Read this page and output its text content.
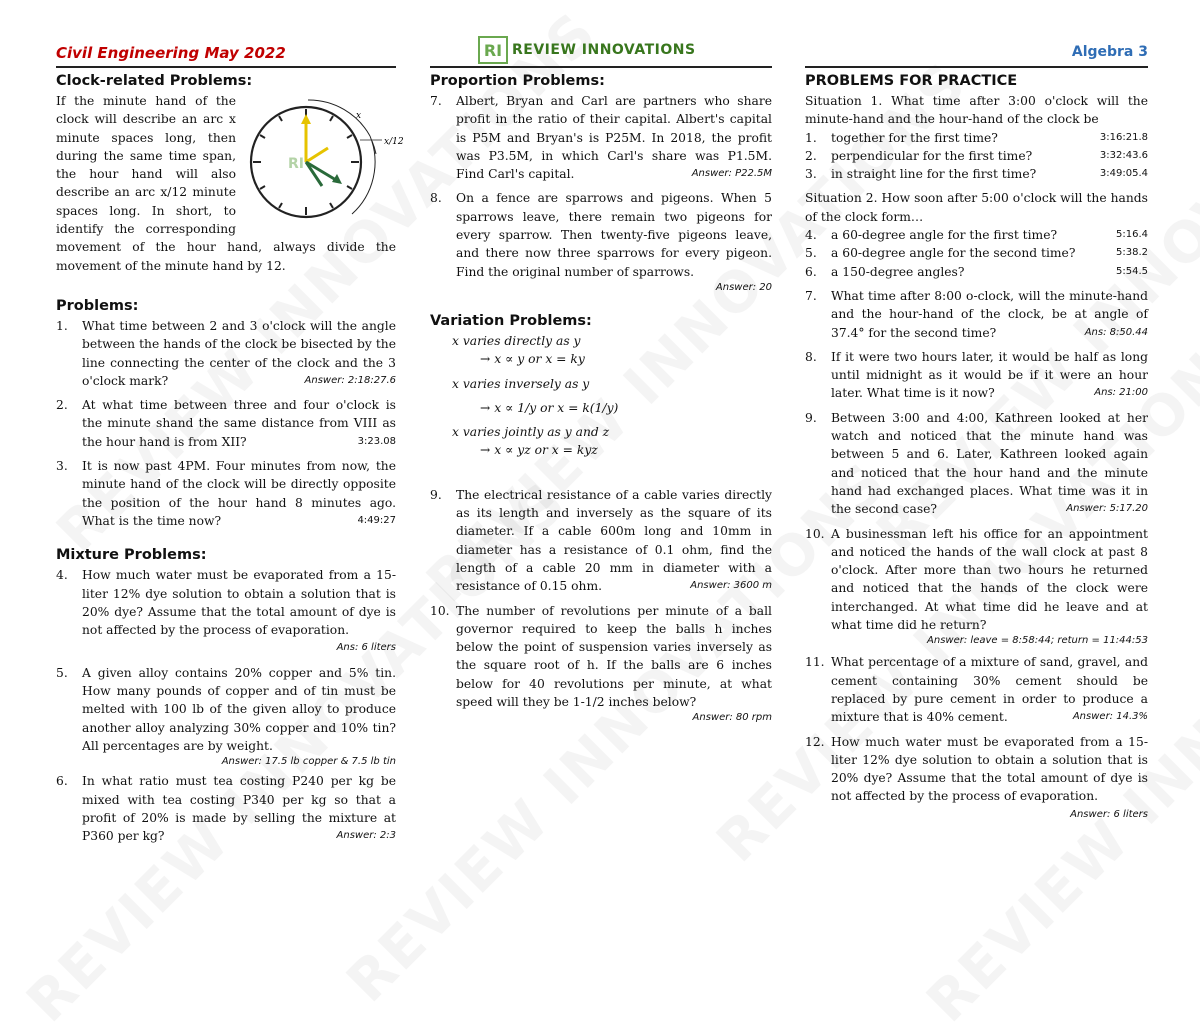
Civil Engineering May 2022	RI REVIEW INNOVATIONS	Algebra 3
Clock-related Problems:
RI
x
x/12

If the minute hand of the clock will describe an arc x minute spaces long, then during the same time span, the hour hand will also describe an arc x/12 minute spaces long. In short, to identify the corresponding movement of the hour hand, always divide the movement of the minute hand by 12.

Problems:
1.	What time between 2 and 3 o'clock will the angle between the hands of the clock be bisected by the line connecting the center of the clock and the 3 o'clock mark?	Answer: 2:18:27.6
2.	At what time between three and four o'clock is the minute shand the same distance from VIII as the hour hand is from XII?	3:23.08
3.	It is now past 4PM. Four minutes from now, the minute hand of the clock will be directly opposite the position of the hour hand 8 minutes ago. What is the time now?	4:49:27
Mixture Problems:
4.	How much water must be evaporated from a 15-liter 12% dye solution to obtain a solution that is 20% dye? Assume that the total amount of dye is not affected by the process of evaporation.
Ans: 6 liters
5.	A given alloy contains 20% copper and 5% tin. How many pounds of copper and of tin must be melted with 100 lb of the given alloy to produce another alloy analyzing 30% copper and 10% tin? All percentages are by weight.
Answer: 17.5 lb copper & 7.5 lb tin
6.	In what ratio must tea costing P240 per kg be mixed with tea costing P340 per kg so that a profit of 20% is made by selling the mixture at P360 per kg?	Answer: 2:3
Proportion Problems:
7.	Albert, Bryan and Carl are partners who share profit in the ratio of their capital. Albert's capital is P5M and Bryan's is P25M. In 2018, the profit was P3.5M, in which Carl's share was P1.5M. Find Carl's capital.	Answer: P22.5M
8.	On a fence are sparrows and pigeons. When 5 sparrows leave, there remain two pigeons for every sparrow. Then twenty-five pigeons leave, and there now three sparrows for every pigeon. Find the original number of sparrows.
Answer: 20
Variation Problems:
x varies directly as y
→ x ∝ y or x = ky
x varies inversely as y
→ x ∝ 1/y or x = k(1/y)
x varies jointly as y and z
→ x ∝ yz or x = kyz
9.	The electrical resistance of a cable varies directly as its length and inversely as the square of its diameter. If a cable 600m long and 10mm in diameter has a resistance of 0.1 ohm, find the length of a cable 20 mm in diameter with a resistance of 0.15 ohm.	Answer: 3600 m
10. The number of revolutions per minute of a ball governor required to keep the balls h inches below the point of suspension varies inversely as the square root of h. If the balls are 6 inches below for 40 revolutions per minute, at what speed will they be 1-1/2 inches below?
Answer: 80 rpm
PROBLEMS FOR PRACTICE

Situation 1. What time after 3:00 o'clock will the minute-hand and the hour-hand of the clock be

1.	together for the first time?	3:16:21.8
2.	perpendicular for the first time?	3:32:43.6
3.	in straight line for the first time?	3:49:05.4

Situation 2. How soon after 5:00 o'clock will the hands of the clock form…

4.	a 60-degree angle for the first time?	5:16.4
5.	a 60-degree angle for the second time?	5:38.2
6.	a 150-degree angles?	5:54.5
7.	What time after 8:00 o-clock, will the minute-hand and the hour-hand of the clock, be at angle of 37.4° for the second time?	Ans: 8:50.44
8.	If it were two hours later, it would be half as long until midnight as it would be if it were an hour later. What time is it now?	Ans: 21:00
9.	Between 3:00 and 4:00, Kathreen looked at her watch and noticed that the minute hand was between 5 and 6. Later, Kathreen looked again and noticed that the hour hand and the minute hand had exchanged places. What time was it in the second case?	Answer: 5:17.20
10. A businessman left his office for an appointment and noticed the hands of the wall clock at past 8 o'clock. After more than two hours he returned and noticed that the hands of the clock were interchanged. At what time did he leave and at what time did he return?
Answer: leave = 8:58:44; return = 11:44:53
11. What percentage of a mixture of sand, gravel, and cement containing 30% cement should be replaced by pure cement in order to produce a mixture that is 40% cement.	Answer: 14.3%
12. How much water must be evaporated from a 15-liter 12% dye solution to obtain a solution that is 20% dye? Assume that the total amount of dye is not affected by the process of evaporation.
Answer: 6 liters
